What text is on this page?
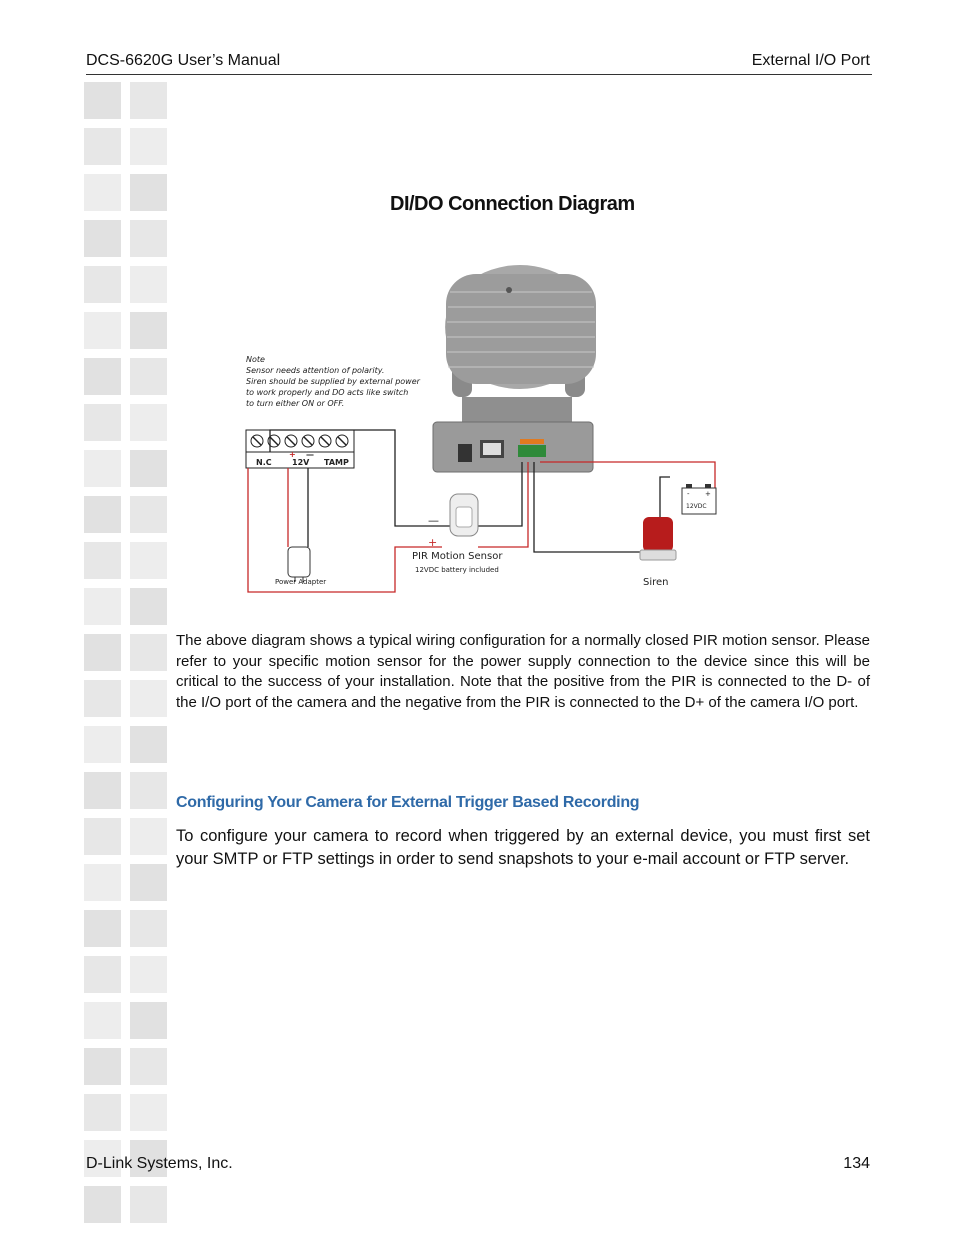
DCS-6620G User’s Manual	External I/O Port
DI/DO Connection Diagram
Note
Sensor needs attention of polarity.
Siren should be supplied by external power
to work properly and DO acts like switch
to turn either ON or OFF.
N.C	12V TAMP
+ —
Power Adapter
—
+
PIR Motion Sensor
12VDC battery included
Siren
- +
12VDC
The above diagram shows a typical wiring configuration for a normally closed PIR motion sensor. Please refer to your specific motion sensor for the power supply connection to the device since this will be critical to the success of your installation. Note that the positive from the PIR is connected to the D- of the I/O port of the camera and the negative from the PIR is connected to the D+ of the camera I/O port.
Configuring Your Camera for External Trigger Based Recording
To configure your camera to record when triggered by an external device, you must first set your SMTP or FTP settings in order to send snapshots to your e-mail account or FTP server.
D-Link Systems, Inc.	134
